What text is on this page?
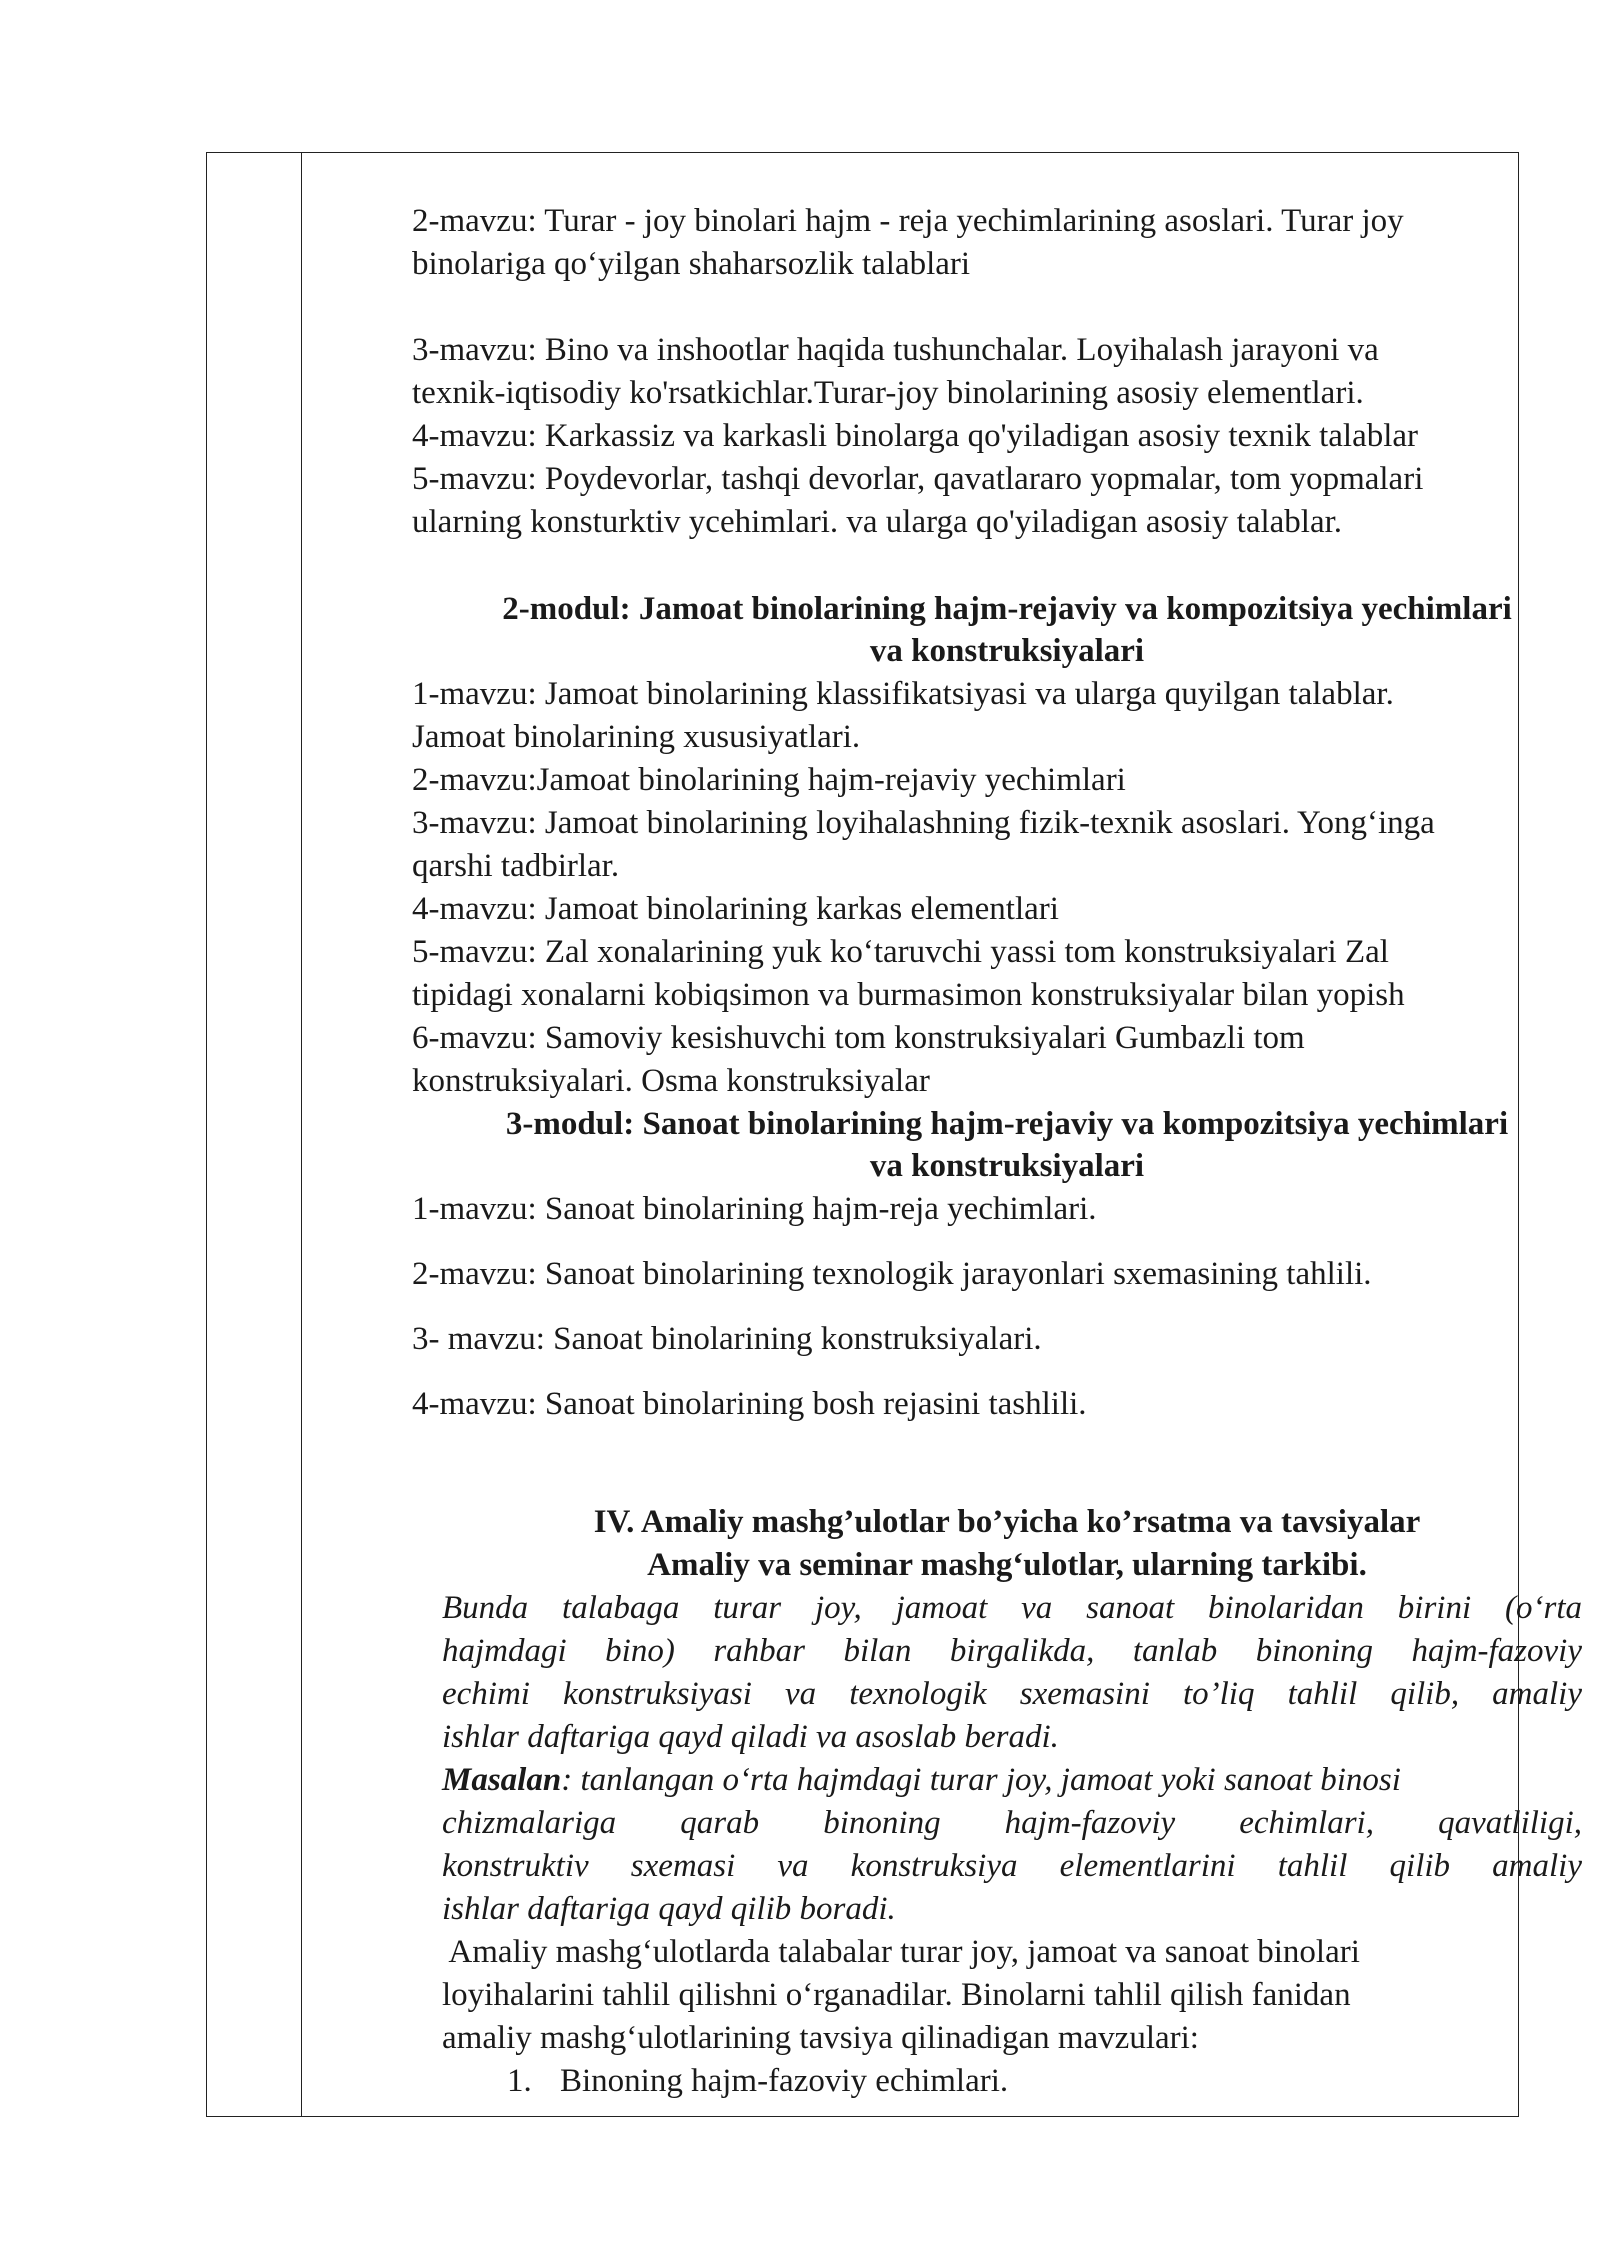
2-mavzu: Turar - joy binolari hajm - reja yechimlarining asoslari. Turar joy

binolariga qo‘yilgan shaharsozlik talablari

3-mavzu: Bino va inshootlar haqida tushunchalar. Loyihalash jarayoni va

texnik-iqtisodiy ko'rsatkichlar.Turar-joy binolarining asosiy elementlari.

4-mavzu: Karkassiz va karkasli binolarga qo'yiladigan asosiy texnik talablar

5-mavzu: Poydevorlar, tashqi devorlar, qavatlararo yopmalar, tom yopmalari

ularning konsturktiv ycehimlari. va ularga qo'yiladigan asosiy talablar.

2-modul: Jamoat binolarining hajm-rejaviy va kompozitsiya yechimlari

va konstruksiyalari

1-mavzu: Jamoat binolarining klassifikatsiyasi va ularga quyilgan talablar.

Jamoat binolarining xususiyatlari.

2-mavzu:Jamoat binolarining hajm-rejaviy yechimlari

3-mavzu: Jamoat binolarining loyihalashning fizik-texnik asoslari. Yong‘inga

qarshi tadbirlar.

4-mavzu: Jamoat binolarining karkas elementlari

5-mavzu: Zal xonalarining yuk ko‘taruvchi yassi tom konstruksiyalari Zal

tipidagi xonalarni kobiqsimon va burmasimon konstruksiyalar bilan yopish

6-mavzu: Samoviy kesishuvchi tom konstruksiyalari Gumbazli tom

konstruksiyalari. Osma konstruksiyalar

3-modul: Sanoat binolarining hajm-rejaviy va kompozitsiya yechimlari

va konstruksiyalari

1-mavzu: Sanoat binolarining hajm-reja yechimlari.

2-mavzu: Sanoat binolarining texnologik jarayonlari sxemasining tahlili.

3- mavzu: Sanoat binolarining konstruksiyalari.

4-mavzu: Sanoat binolarining bosh rejasini tashlili.

IV. Amaliy mashg’ulotlar bo’yicha ko’rsatma va tavsiyalar

Amaliy va seminar mashg‘ulotlar, ularning tarkibi.

Bunda talabaga turar joy, jamoat va sanoat binolaridan birini (o‘rta

hajmdagi bino) rahbar bilan birgalikda, tanlab binoning hajm-fazoviy

echimi konstruksiyasi va texnologik sxemasini to’liq tahlil qilib, amaliy

ishlar daftariga qayd qiladi va asoslab beradi.

Masalan: tanlangan o‘rta hajmdagi turar joy, jamoat yoki sanoat binosi

chizmalariga qarab binoning hajm-fazoviy echimlari, qavatliligi,

konstruktiv sxemasi va konstruksiya elementlarini tahlil qilib amaliy

ishlar daftariga qayd qilib boradi.

Amaliy mashg‘ulotlarda talabalar turar joy, jamoat va sanoat binolari

loyihalarini tahlil qilishni o‘rganadilar. Binolarni tahlil qilish fanidan

amaliy mashg‘ulotlarining tavsiya qilinadigan mavzulari:

1. Binoning hajm-fazoviy echimlari.
